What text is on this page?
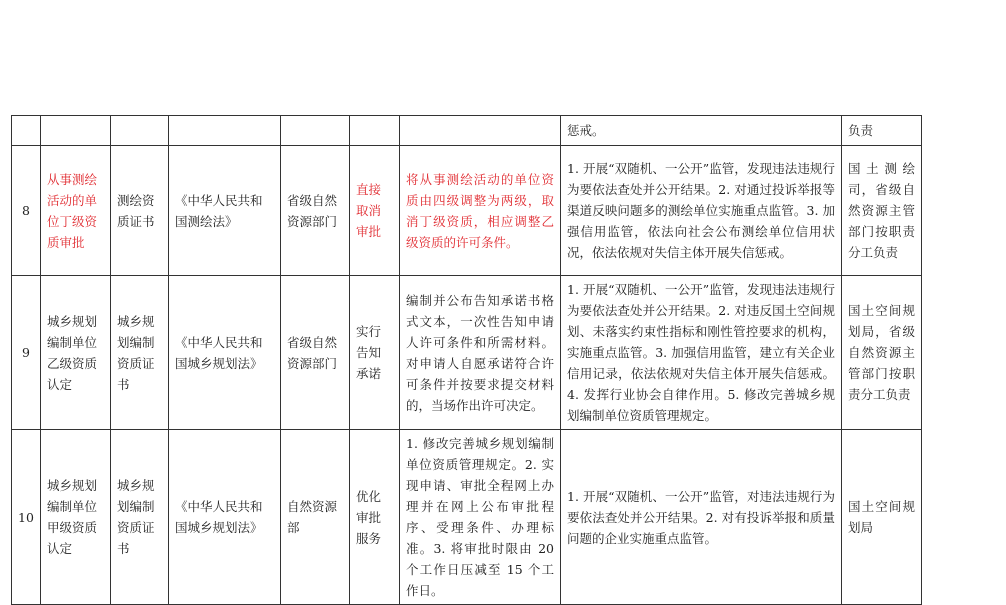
							惩戒。	负责
8	从事测绘活动的单位丁级资质审批	测绘资质证书	《中华人民共和国测绘法》	省级自然资源部门	直接取消审批	将从事测绘活动的单位资质由四级调整为两级，取消丁级资质，相应调整乙级资质的许可条件。	1. 开展“双随机、一公开”监管，发现违法违规行为要依法查处并公开结果。2. 对通过投诉举报等渠道反映问题多的测绘单位实施重点监管。3. 加强信用监管，依法向社会公布测绘单位信用状况，依法依规对失信主体开展失信惩戒。	国土测绘司，省级自然资源主管部门按职责分工负责
9	城乡规划编制单位乙级资质认定	城乡规划编制资质证书	《中华人民共和国城乡规划法》	省级自然资源部门	实行告知承诺	编制并公布告知承诺书格式文本，一次性告知申请人许可条件和所需材料。对申请人自愿承诺符合许可条件并按要求提交材料的，当场作出许可决定。	1. 开展“双随机、一公开”监管，发现违法违规行为要依法查处并公开结果。2. 对违反国土空间规划、未落实约束性指标和刚性管控要求的机构，实施重点监管。3. 加强信用监管，建立有关企业信用记录，依法依规对失信主体开展失信惩戒。4. 发挥行业协会自律作用。5. 修改完善城乡规划编制单位资质管理规定。	国土空间规划局，省级自然资源主管部门按职责分工负责
10	城乡规划编制单位甲级资质认定	城乡规划编制资质证书	《中华人民共和国城乡规划法》	自然资源部	优化审批服务	1. 修改完善城乡规划编制单位资质管理规定。2. 实现申请、审批全程网上办理并在网上公布审批程序、受理条件、办理标准。3. 将审批时限由 20 个工作日压减至 15 个工作日。	1. 开展“双随机、一公开”监管，对违法违规行为要依法查处并公开结果。2. 对有投诉举报和质量问题的企业实施重点监管。	国土空间规划局
